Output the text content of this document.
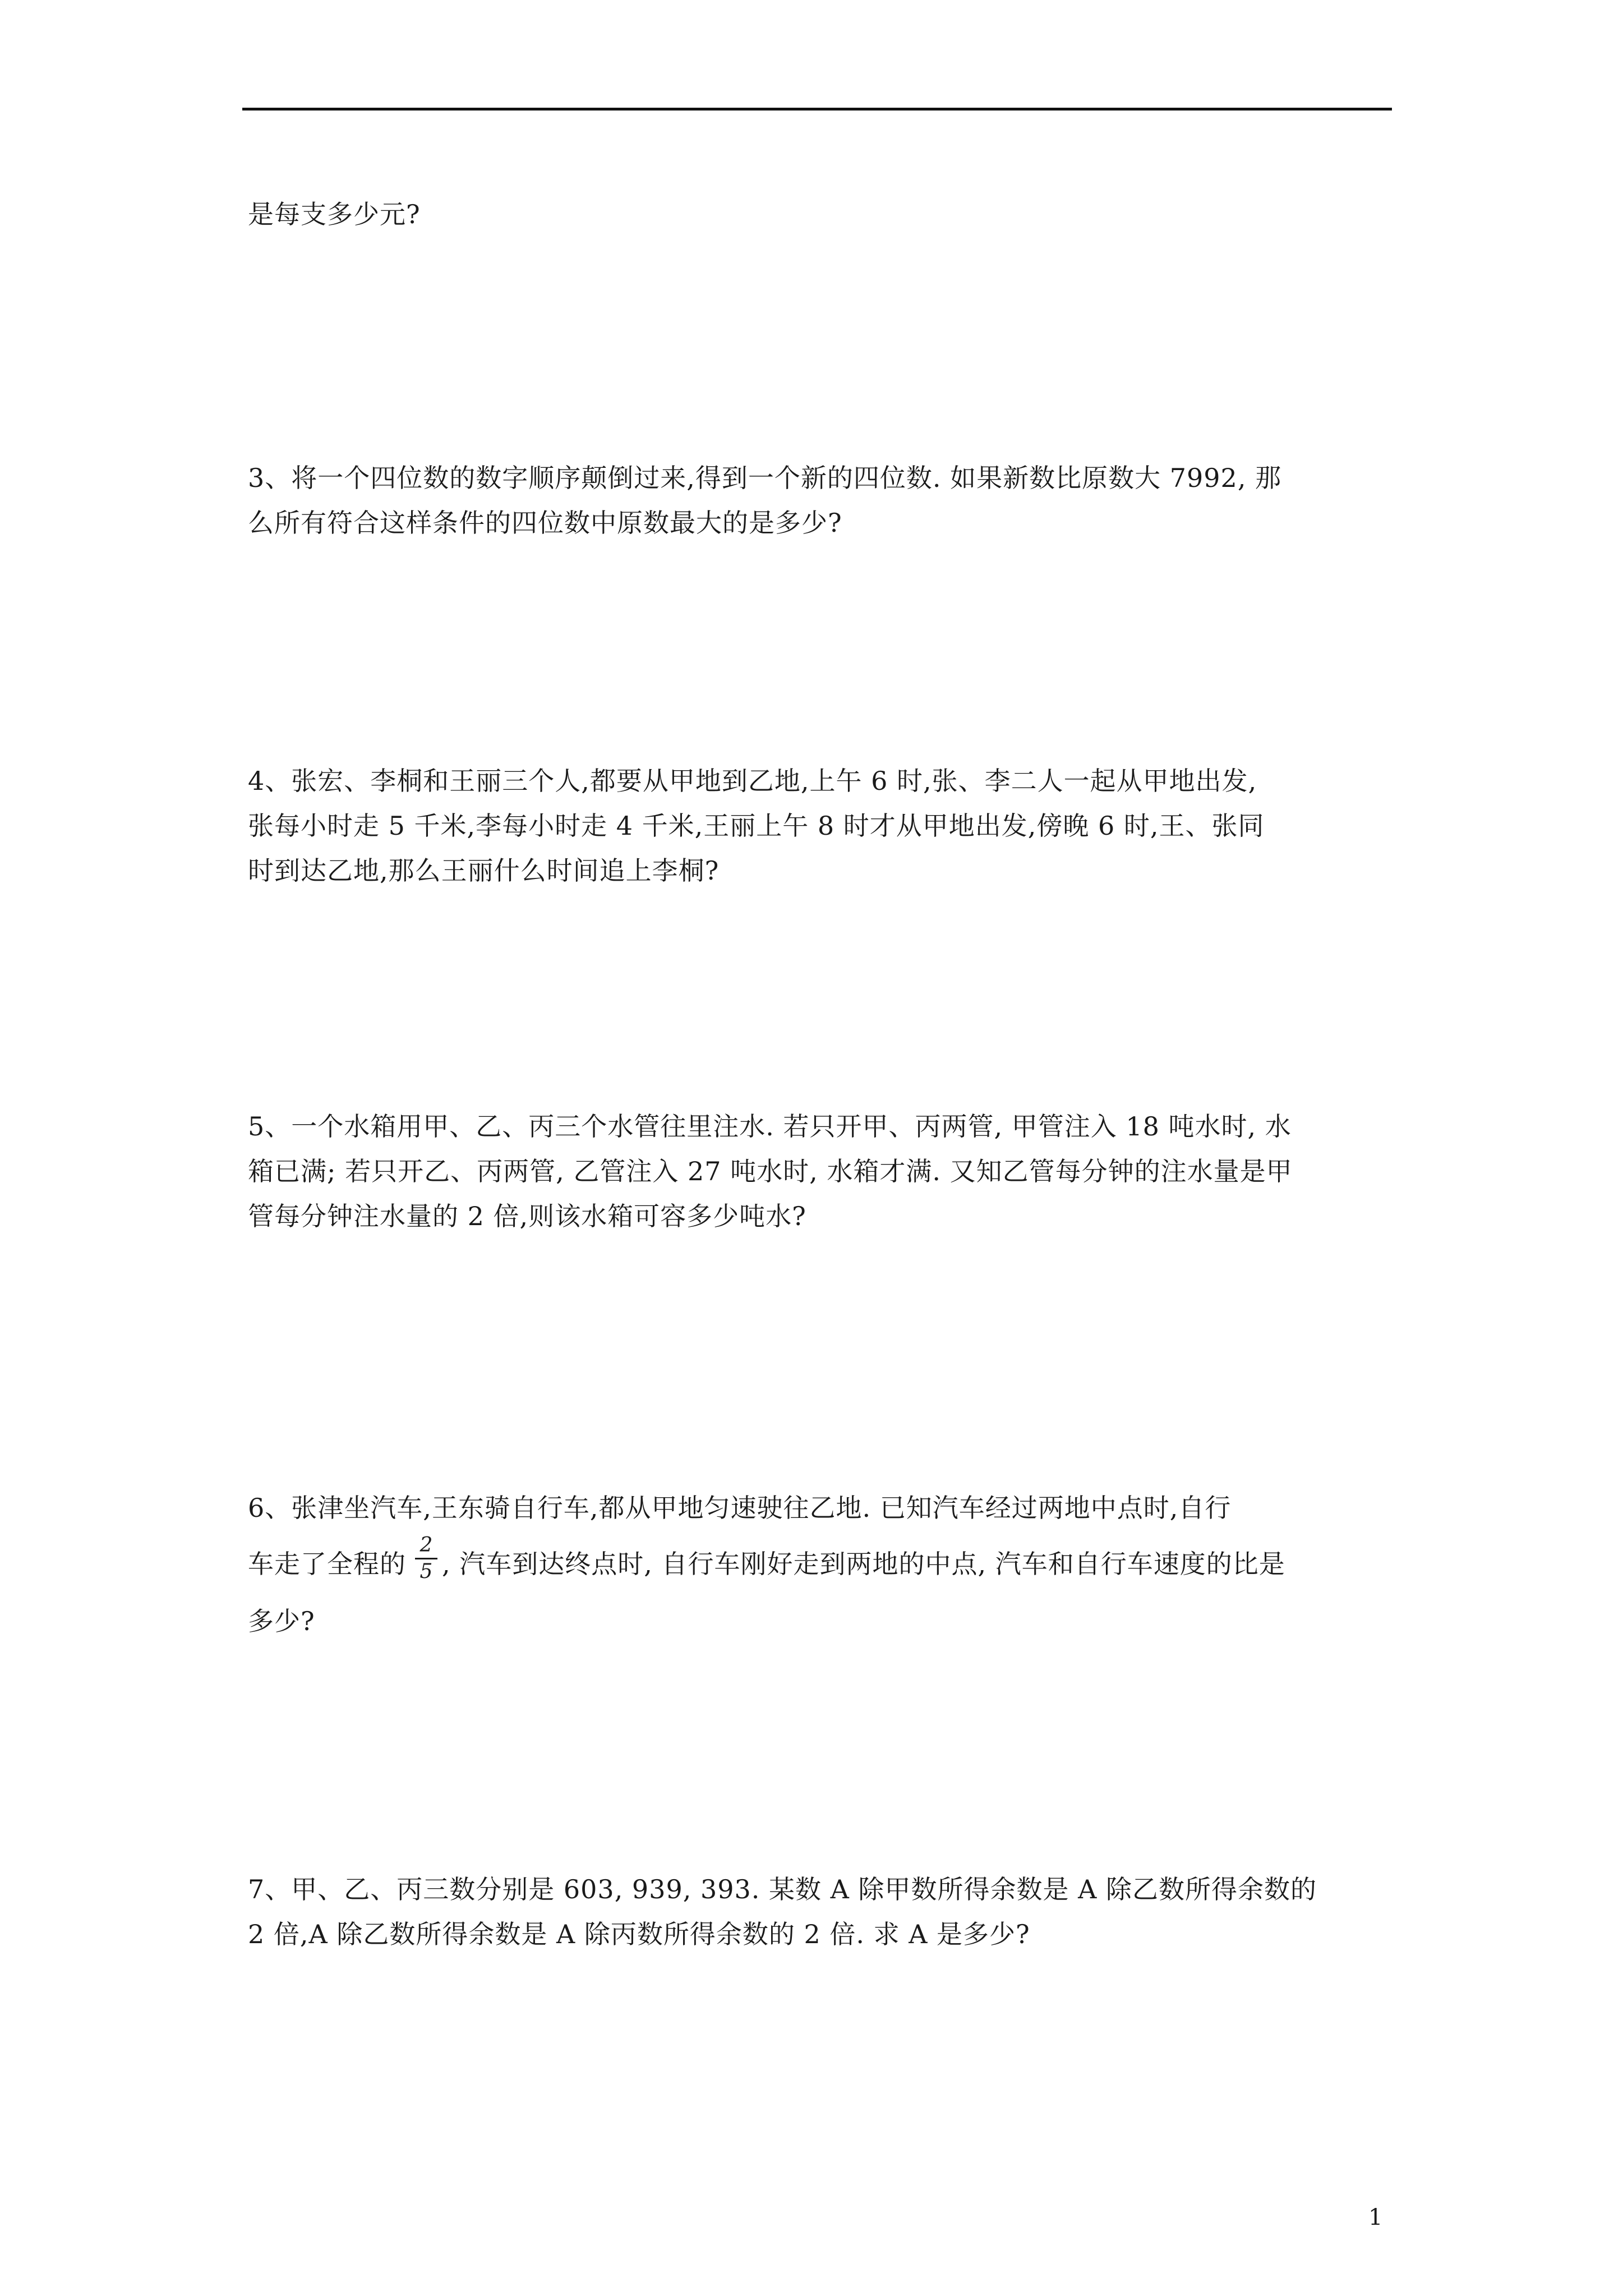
是每支多少元?
3、将一个四位数的数字顺序颠倒过来,得到一个新的四位数. 如果新数比原数大 7992, 那
么所有符合这样条件的四位数中原数最大的是多少?
4、张宏、李桐和王丽三个人,都要从甲地到乙地,上午 6 时,张、李二人一起从甲地出发,
张每小时走 5 千米,李每小时走 4 千米,王丽上午 8 时才从甲地出发,傍晚 6 时,王、张同
时到达乙地,那么王丽什么时间追上李桐?
5、一个水箱用甲、乙、丙三个水管往里注水. 若只开甲、丙两管, 甲管注入 18 吨水时, 水
箱已满; 若只开乙、丙两管, 乙管注入 27 吨水时, 水箱才满. 又知乙管每分钟的注水量是甲
管每分钟注水量的 2 倍,则该水箱可容多少吨水?
6、张津坐汽车,王东骑自行车,都从甲地匀速驶往乙地. 已知汽车经过两地中点时,自行
车走了全程的 $\frac{2}{5}$ , 汽车到达终点时, 自行车刚好走到两地的中点, 汽车和自行车速度的比是
多少?
7、甲、乙、丙三数分别是 603, 939, 393. 某数 A 除甲数所得余数是 A 除乙数所得余数的
2 倍,A 除乙数所得余数是 A 除丙数所得余数的 2 倍. 求 A 是多少?
1
